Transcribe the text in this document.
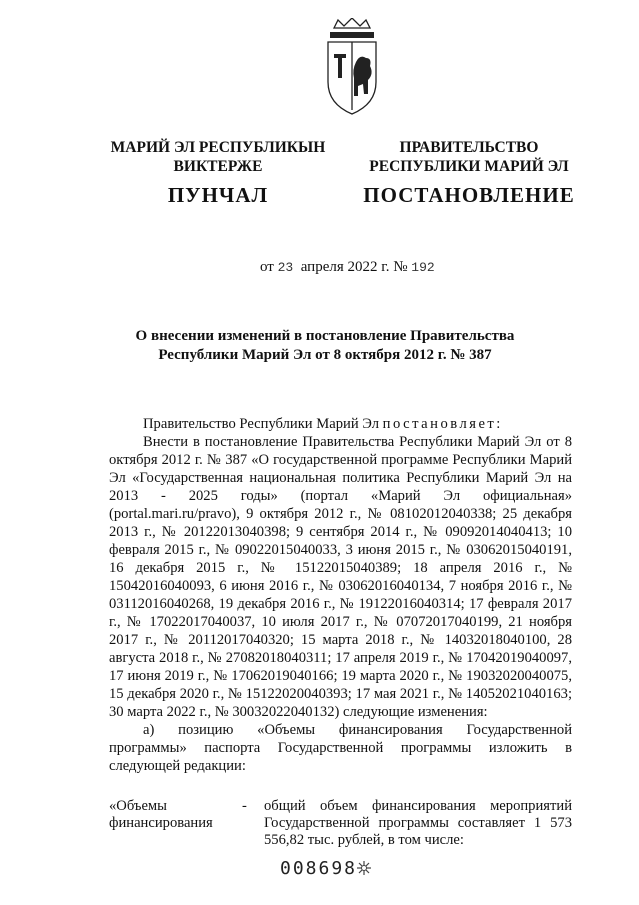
МАРИЙ ЭЛ РЕСПУБЛИКЫН
ВИКТЕРЖЕ
ПУНЧАЛ
ПРАВИТЕЛЬСТВО
РЕСПУБЛИКИ МАРИЙ ЭЛ
ПОСТАНОВЛЕНИЕ
от 23 апреля 2022 г. № 192
О внесении изменений в постановление Правительства
Республики Марий Эл от 8 октября 2012 г. № 387

Правительство Республики Марий Эл постановляет:

Внести в постановление Правительства Республики Марий Эл от 8 октября 2012 г. № 387 «О государственной программе Республики Марий Эл «Государственная национальная политика Республики Марий Эл на 2013 - 2025 годы» (портал «Марий Эл официальная» (portal.mari.ru/pravo), 9 октября 2012 г., № 08102012040338; 25 декабря 2013 г., № 20122013040398; 9 сентября 2014 г., № 09092014040413; 10 февраля 2015 г., № 09022015040033, 3 июня 2015 г., № 03062015040191, 16 декабря 2015 г., № 15122015040389; 18 апреля 2016 г., № 15042016040093, 6 июня 2016 г., № 03062016040134, 7 ноября 2016 г., № 03112016040268, 19 декабря 2016 г., № 19122016040314; 17 февраля 2017 г., № 17022017040037, 10 июля 2017 г., № 07072017040199, 21 ноября 2017 г., № 20112017040320; 15 марта 2018 г., № 14032018040100, 28 августа 2018 г., № 27082018040311; 17 апреля 2019 г., № 17042019040097, 17 июня 2019 г., № 17062019040166; 19 марта 2020 г., № 19032020040075, 15 декабря 2020 г., № 15122020040393; 17 мая 2021 г., № 14052021040163; 30 марта 2022 г., № 30032022040132) следующие изменения:

а) позицию «Объемы финансирования Государственной программы» паспорта Государственной программы изложить в следующей редакции:

«Объемы финансирования
- общий объем финансирования мероприятий Государственной программы составляет 1 573 556,82 тыс. рублей, в том числе:
008698
